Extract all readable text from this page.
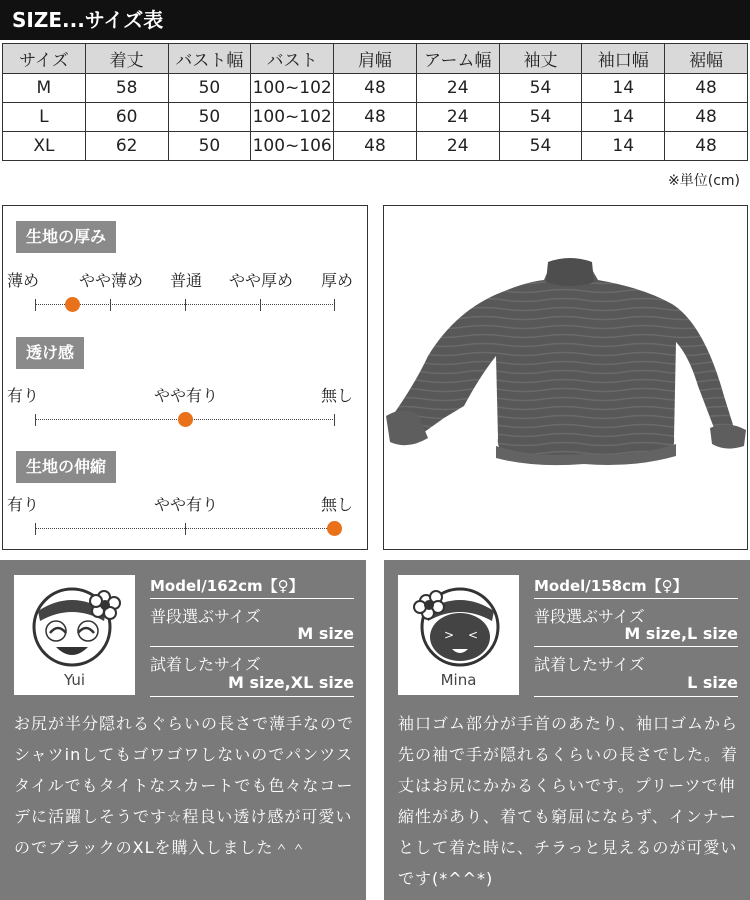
SIZE...サイズ表
サイズ	着丈	バスト幅	バスト	肩幅	アーム幅	袖丈	袖口幅	裾幅
M	58	50	100~102	48	24	54	14	48
L	60	50	100~102	48	24	54	14	48
XL	62	50	100~106	48	24	54	14	48
※単位(cm)
生地の厚み
薄め やや薄め 普通 やや厚め 厚め
透け感
有り	やや有り	無し
生地の伸縮
有り	やや有り	無し
Yui
Model/162cm【♀】
普段選ぶサイズ
M size
試着したサイズ
M size,XL size
お尻が半分隠れるぐらいの長さで薄手なのでシャツinしてもゴワゴワしないのでパンツスタイルでもタイトなスカートでも色々なコーデに活躍しそうです☆程良い透け感が可愛いのでブラックのXLを購入しました＾＾
> <
Mina
Model/158cm【♀】
普段選ぶサイズ
M size,L size
試着したサイズ
L size
袖口ゴム部分が手首のあたり、袖口ゴムから先の袖で手が隠れるくらいの長さでした。着丈はお尻にかかるくらいです。プリーツで伸縮性があり、着ても窮屈にならず、インナーとして着た時に、チラっと見えるのが可愛いです(*^^*)
